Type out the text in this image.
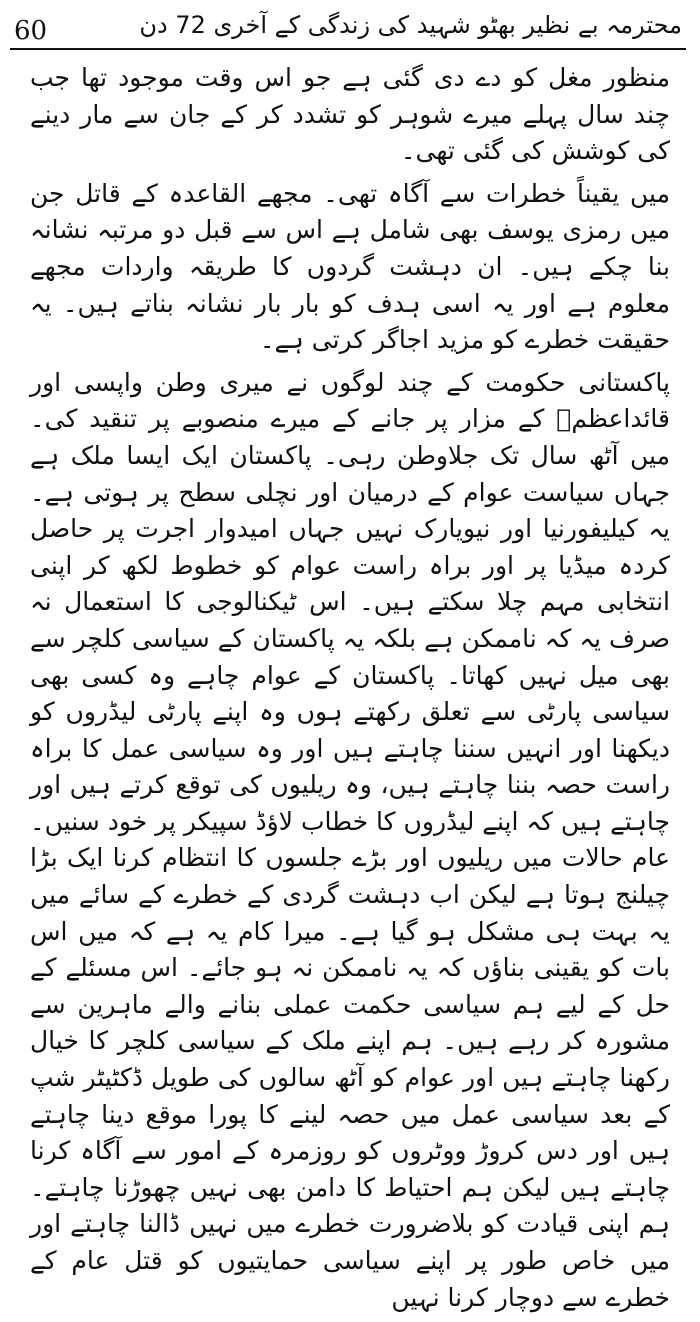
60	محترمہ بے نظیر بھٹو شہید کی زندگی کے آخری 72 دن

منظور مغل کو دے دی گئی ہے جو اس وقت موجود تھا جب چند سال پہلے میرے شوہر کو تشدد کر کے جان سے مار دینے کی کوشش کی گئی تھی۔

میں یقیناً خطرات سے آگاہ تھی۔ مجھے القاعدہ کے قاتل جن میں رمزی یوسف بھی شامل ہے اس سے قبل دو مرتبہ نشانہ بنا چکے ہیں۔ ان دہشت گردوں کا طریقہ واردات مجھے معلوم ہے اور یہ اسی ہدف کو بار بار نشانہ بناتے ہیں۔ یہ حقیقت خطرے کو مزید اجاگر کرتی ہے۔

پاکستانی حکومت کے چند لوگوں نے میری وطن واپسی اور قائداعظمؒ کے مزار پر جانے کے میرے منصوبے پر تنقید کی۔ میں آٹھ سال تک جلاوطن رہی۔ پاکستان ایک ایسا ملک ہے جہاں سیاست عوام کے درمیان اور نچلی سطح پر ہوتی ہے۔ یہ کیلیفورنیا اور نیویارک نہیں جہاں امیدوار اجرت پر حاصل کردہ میڈیا پر اور براہ راست عوام کو خطوط لکھ کر اپنی انتخابی مہم چلا سکتے ہیں۔ اس ٹیکنالوجی کا استعمال نہ صرف یہ کہ ناممکن ہے بلکہ یہ پاکستان کے سیاسی کلچر سے بھی میل نہیں کھاتا۔ پاکستان کے عوام چاہے وہ کسی بھی سیاسی پارٹی سے تعلق رکھتے ہوں وہ اپنے پارٹی لیڈروں کو دیکھنا اور انہیں سننا چاہتے ہیں اور وہ سیاسی عمل کا براہ راست حصہ بننا چاہتے ہیں، وہ ریلیوں کی توقع کرتے ہیں اور چاہتے ہیں کہ اپنے لیڈروں کا خطاب لاؤڈ سپیکر پر خود سنیں۔ عام حالات میں ریلیوں اور بڑے جلسوں کا انتظام کرنا ایک بڑا چیلنج ہوتا ہے لیکن اب دہشت گردی کے خطرے کے سائے میں یہ بہت ہی مشکل ہو گیا ہے۔ میرا کام یہ ہے کہ میں اس بات کو یقینی بناؤں کہ یہ ناممکن نہ ہو جائے۔ اس مسئلے کے حل کے لیے ہم سیاسی حکمت عملی بنانے والے ماہرین سے مشورہ کر رہے ہیں۔ ہم اپنے ملک کے سیاسی کلچر کا خیال رکھنا چاہتے ہیں اور عوام کو آٹھ سالوں کی طویل ڈکٹیٹر شپ کے بعد سیاسی عمل میں حصہ لینے کا پورا موقع دینا چاہتے ہیں اور دس کروڑ ووٹروں کو روزمرہ کے امور سے آگاہ کرنا چاہتے ہیں لیکن ہم احتیاط کا دامن بھی نہیں چھوڑنا چاہتے۔ ہم اپنی قیادت کو بلاضرورت خطرے میں نہیں ڈالنا چاہتے اور میں خاص طور پر اپنے سیاسی حمایتیوں کو قتل عام کے خطرے سے دوچار کرنا نہیں
